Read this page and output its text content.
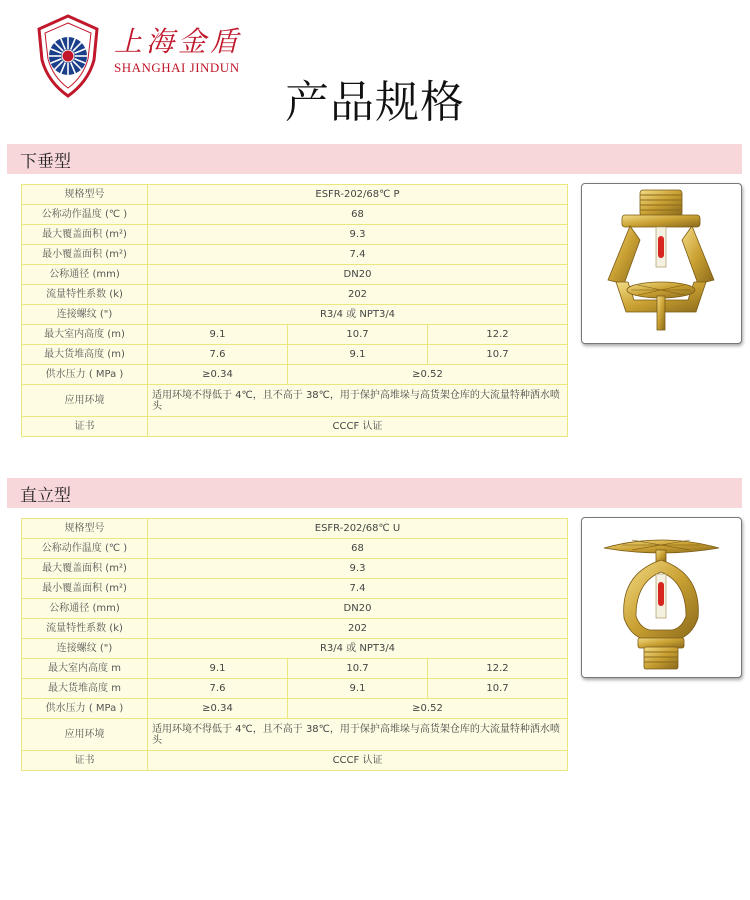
上海金盾
SHANGHAI JINDUN
产品规格
下垂型
规格型号	ESFR-202/68℃ P		
公称动作温度 (℃ )	68		
最大覆盖面积 (m²)	9.3		
最小覆盖面积 (m²)	7.4		
公称通径 (mm)	DN20		
流量特性系数 (k)	202		
连接螺纹 (")	R3/4 或 NPT3/4		
最大室内高度 (m)	9.1	10.7	12.2
最大货堆高度 (m)	7.6	9.1	10.7
供水压力 ( MPa )	≥0.34	≥0.52	
应用环境	适用环境不得低于 4℃，且不高于 38℃，用于保护高堆垛与高货架仓库的大流量特种洒水喷头		
证书	CCCF 认证		
直立型
规格型号	ESFR-202/68℃ U		
公称动作温度 (℃ )	68		
最大覆盖面积 (m²)	9.3		
最小覆盖面积 (m²)	7.4		
公称通径 (mm)	DN20		
流量特性系数 (k)	202		
连接螺纹 (")	R3/4 或 NPT3/4		
最大室内高度 m	9.1	10.7	12.2
最大货堆高度 m	7.6	9.1	10.7
供水压力 ( MPa )	≥0.34	≥0.52	
应用环境	适用环境不得低于 4℃，且不高于 38℃，用于保护高堆垛与高货架仓库的大流量特种洒水喷头		
证书	CCCF 认证		
